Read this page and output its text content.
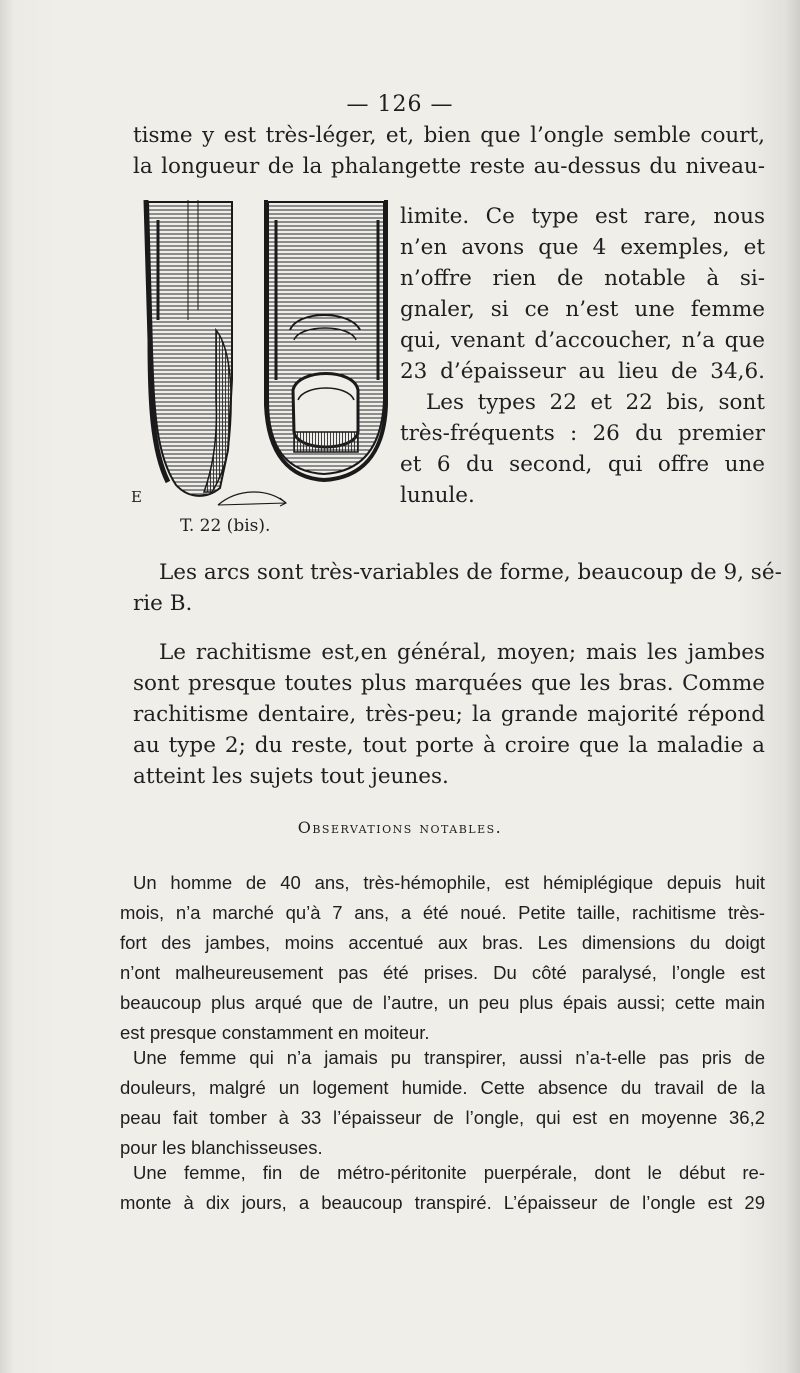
— 126 —

tisme y est très-léger, et, bien que l’ongle semble court,
la longueur de la phalangette reste au-dessus du niveau-

E
T. 22 (bis).

limite. Ce type est rare, nous
n’en avons que 4 exemples, et
n’offre rien de notable à si-
gnaler, si ce n’est une femme
qui, venant d’accoucher, n’a que
23 d’épaisseur au lieu de 34,6.
Les types 22 et 22 bis, sont
très-fréquents : 26 du premier
et 6 du second, qui offre une
lunule.

Les arcs sont très-variables de forme, beaucoup de 9, sé-
rie B.

Le rachitisme est,en général, moyen; mais les jambes
sont presque toutes plus marquées que les bras. Comme
rachitisme dentaire, très-peu; la grande majorité répond
au type 2; du reste, tout porte à croire que la maladie a
atteint les sujets tout jeunes.

Observations notables.
Un homme de 40 ans, très-hémophile, est hémiplégique depuis huit
mois, n’a marché qu’à 7 ans, a été noué. Petite taille, rachitisme très-
fort des jambes, moins accentué aux bras. Les dimensions du doigt
n’ont malheureusement pas été prises. Du côté paralysé, l’ongle est
beaucoup plus arqué que de l’autre, un peu plus épais aussi; cette main
est presque constamment en moiteur.
Une femme qui n’a jamais pu transpirer, aussi n’a-t-elle pas pris de
douleurs, malgré un logement humide. Cette absence du travail de la
peau fait tomber à 33 l’épaisseur de l’ongle, qui est en moyenne 36,2
pour les blanchisseuses.
Une femme, fin de métro-péritonite puerpérale, dont le début re-
monte à dix jours, a beaucoup transpiré. L’épaisseur de l’ongle est 29
